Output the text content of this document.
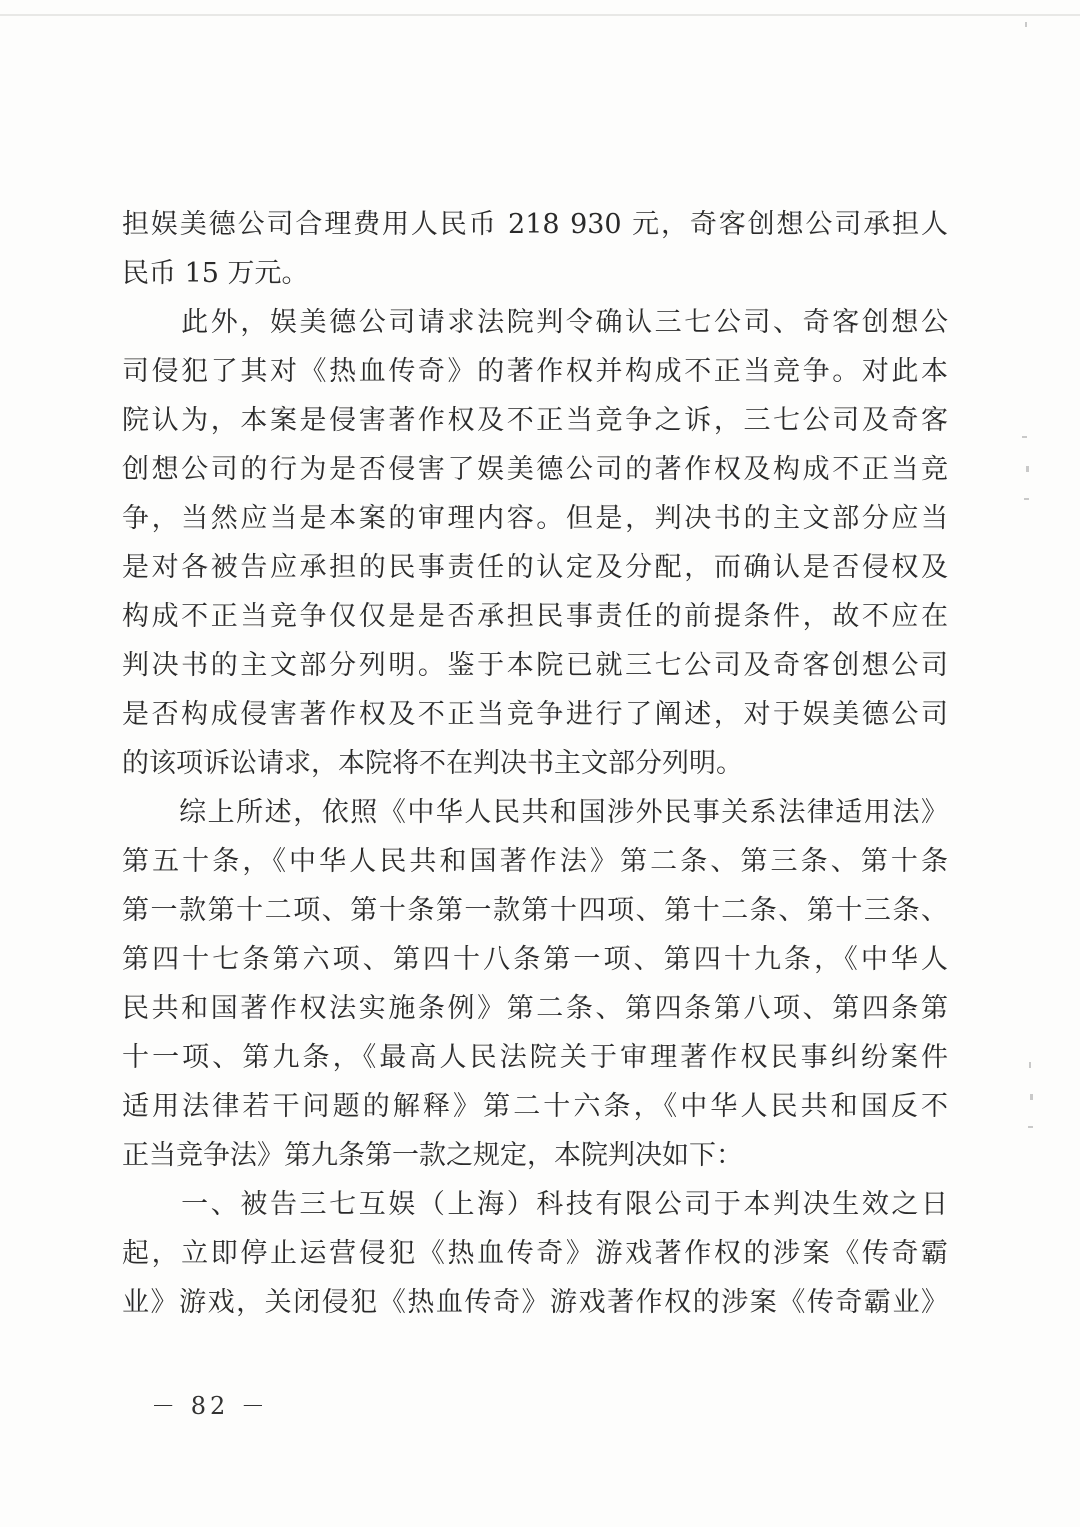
担娱美德公司合理费用人民币 218 930 元，奇客创想公司承担人
民币 15 万元。
　　此外，娱美德公司请求法院判令确认三七公司、奇客创想公
司侵犯了其对《热血传奇》的著作权并构成不正当竞争。对此本
院认为，本案是侵害著作权及不正当竞争之诉，三七公司及奇客
创想公司的行为是否侵害了娱美德公司的著作权及构成不正当竞
争，当然应当是本案的审理内容。但是，判决书的主文部分应当
是对各被告应承担的民事责任的认定及分配，而确认是否侵权及
构成不正当竞争仅仅是是否承担民事责任的前提条件，故不应在
判决书的主文部分列明。鉴于本院已就三七公司及奇客创想公司
是否构成侵害著作权及不正当竞争进行了阐述，对于娱美德公司
的该项诉讼请求，本院将不在判决书主文部分列明。
　　综上所述，依照《中华人民共和国涉外民事关系法律适用法》
第五十条，《中华人民共和国著作法》第二条、第三条、第十条
第一款第十二项、第十条第一款第十四项、第十二条、第十三条、
第四十七条第六项、第四十八条第一项、第四十九条，《中华人
民共和国著作权法实施条例》第二条、第四条第八项、第四条第
十一项、第九条，《最高人民法院关于审理著作权民事纠纷案件
适用法律若干问题的解释》第二十六条，《中华人民共和国反不
正当竞争法》第九条第一款之规定，本院判决如下：
　　一、被告三七互娱（上海）科技有限公司于本判决生效之日
起，立即停止运营侵犯《热血传奇》游戏著作权的涉案《传奇霸
业》游戏，关闭侵犯《热血传奇》游戏著作权的涉案《传奇霸业》
－ 82 －
